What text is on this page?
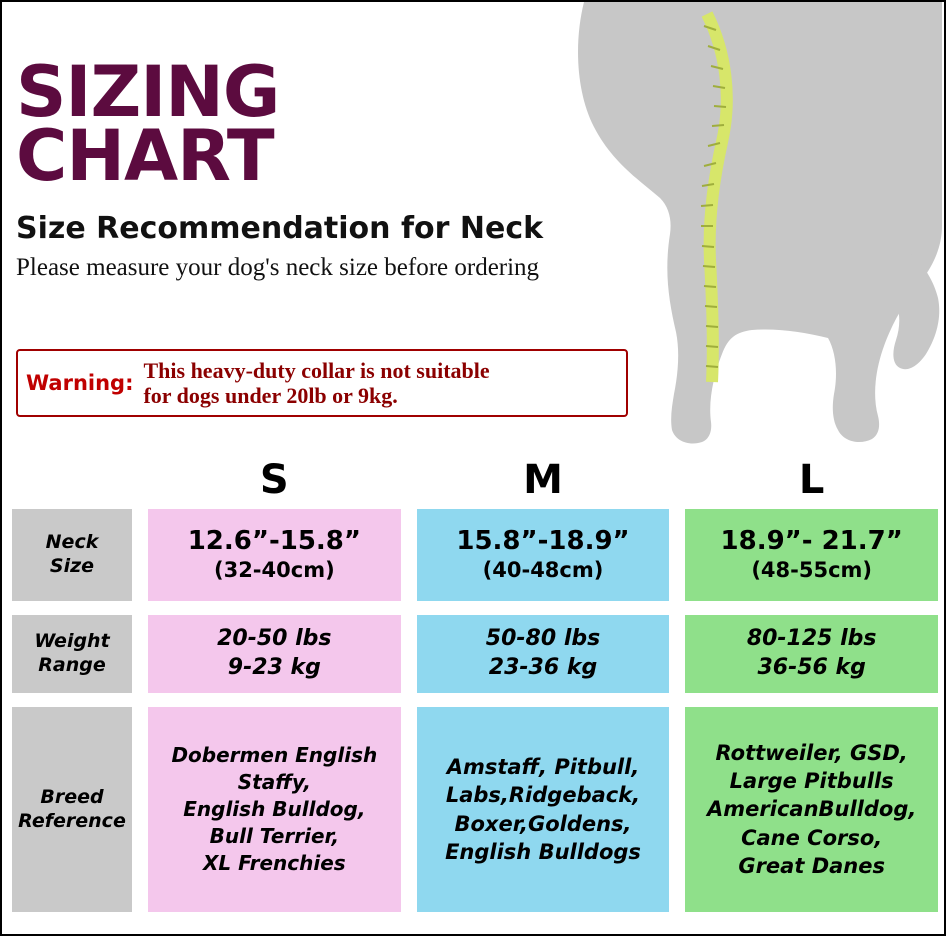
SIZING
CHART
Size Recommendation for Neck
Please measure your dog's neck size before ordering
Warning:
This heavy-duty collar is not suitable
for dogs under 20lb or 9kg.
S	M	L
Neck
Size
12.6”-15.8”
(32-40cm)
15.8”-18.9”
(40-48cm)
18.9”- 21.7”
(48-55cm)
Weight
Range
20-50 lbs
9-23 kg
50-80 lbs
23-36 kg
80-125 lbs
36-56 kg
Breed
Reference
Dobermen English
Staffy,
English Bulldog,
Bull Terrier,
XL Frenchies
Amstaff, Pitbull,
Labs,Ridgeback,
Boxer,Goldens,
English Bulldogs
Rottweiler, GSD,
Large Pitbulls
AmericanBulldog,
Cane Corso,
Great Danes
